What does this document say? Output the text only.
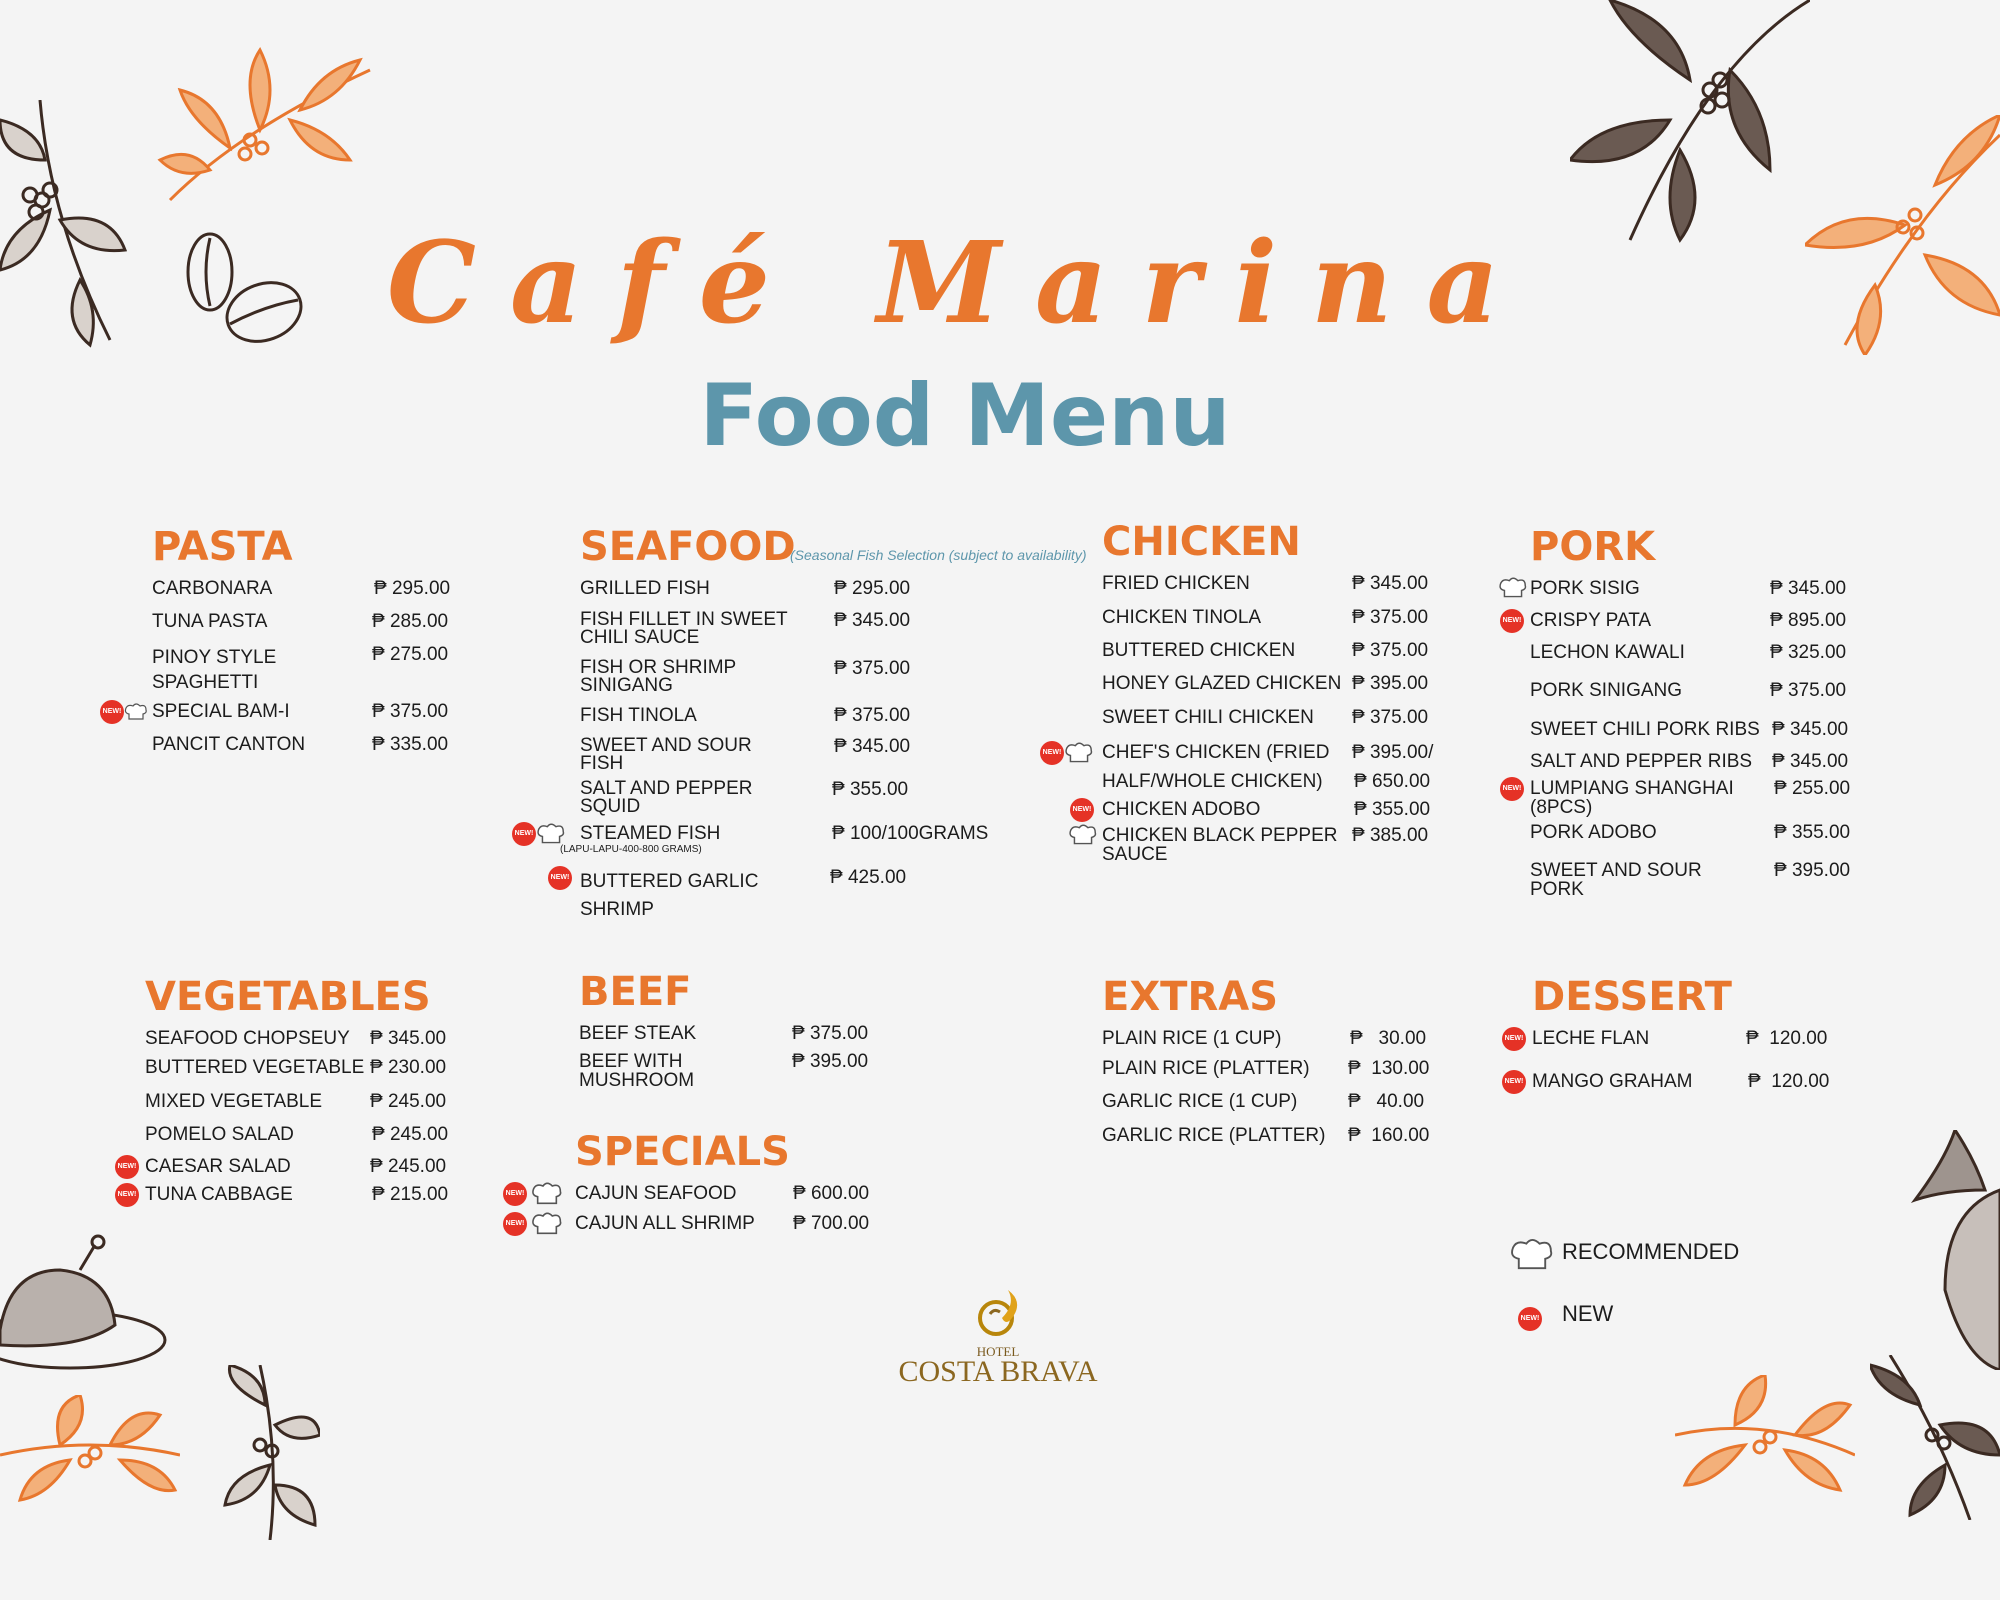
Café Marina
Food Menu
PASTA
CARBONARA	₱ 295.00
TUNA PASTA	₱ 285.00
PINOY STYLE SPAGHETTI
₱ 275.00
NEW!	SPECIAL BAM-I	₱ 375.00
PANCIT CANTON	₱ 335.00
SEAFOOD
(Seasonal Fish Selection (subject to availability)
GRILLED FISH	₱ 295.00
FISH FILLET IN SWEET CHILI SAUCE
₱ 345.00
FISH OR SHRIMP SINIGANG
₱ 375.00
FISH TINOLA	₱ 375.00
SWEET AND SOUR FISH
₱ 345.00
SALT AND PEPPER SQUID
₱ 355.00
NEW!	STEAMED FISH
(LAPU-LAPU-400-800 GRAMS)
₱ 100/100GRAMS
NEW! BUTTERED GARLIC SHRIMP
₱ 425.00
CHICKEN
FRIED CHICKEN	₱ 345.00
CHICKEN TINOLA	₱ 375.00
BUTTERED CHICKEN	₱ 375.00
HONEY GLAZED CHICKEN ₱ 395.00
SWEET CHILI CHICKEN ₱ 375.00
NEW!	CHEF'S CHICKEN (FRIED ₱ 395.00/
HALF/WHOLE CHICKEN) ₱ 650.00
NEW! CHICKEN ADOBO	₱ 355.00
CHICKEN BLACK PEPPER SAUCE
₱ 385.00
PORK
PORK SISIG	₱ 345.00
NEW! CRISPY PATA	₱ 895.00
LECHON KAWALI	₱ 325.00
PORK SINIGANG	₱ 375.00
SWEET CHILI PORK RIBS ₱ 345.00
SALT AND PEPPER RIBS ₱ 345.00
NEW! LUMPIANG SHANGHAI (8PCS)
₱ 255.00
PORK ADOBO	₱ 355.00
SWEET AND SOUR PORK
₱ 395.00
VEGETABLES
SEAFOOD CHOPSEUY ₱ 345.00
BUTTERED VEGETABLE ₱ 230.00
MIXED VEGETABLE	₱ 245.00
POMELO SALAD	₱ 245.00
NEW! CAESAR SALAD	₱ 245.00
NEW! TUNA CABBAGE	₱ 215.00
BEEF
BEEF STEAK	₱ 375.00
BEEF WITH MUSHROOM
₱ 395.00
SPECIALS
NEW!	CAJUN SEAFOOD	₱ 600.00
NEW!	CAJUN ALL SHRIMP ₱ 700.00
EXTRAS
PLAIN RICE (1 CUP)	₱ 30.00
PLAIN RICE (PLATTER) ₱ 130.00
GARLIC RICE (1 CUP)	₱ 40.00
GARLIC RICE (PLATTER) ₱ 160.00
DESSERT
NEW! LECHE FLAN	₱ 120.00
NEW! MANGO GRAHAM	₱ 120.00
RECOMMENDED
NEW! NEW
HOTEL
COSTA BRAVA
